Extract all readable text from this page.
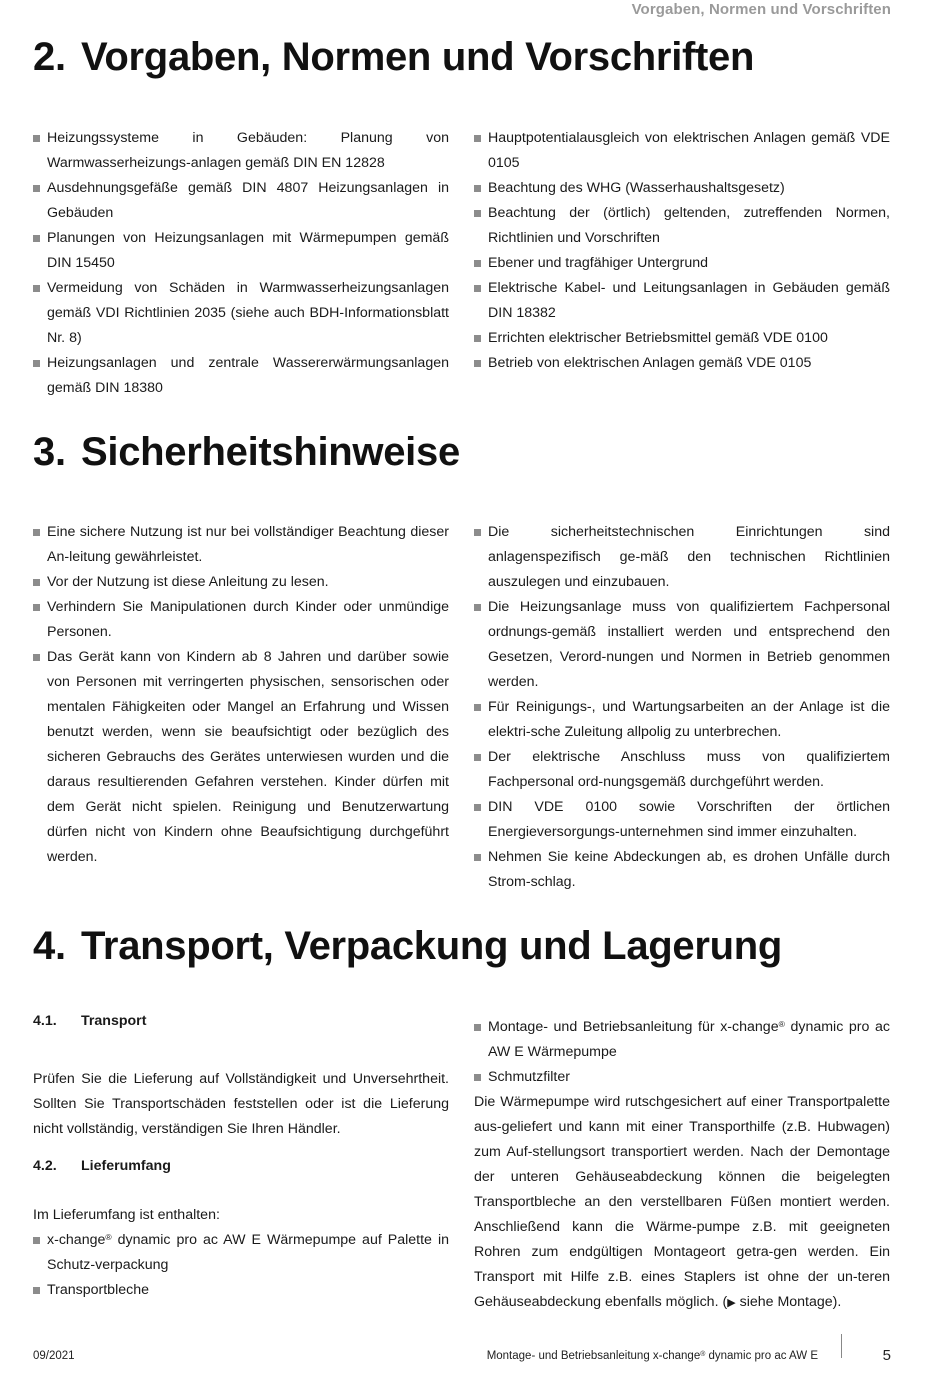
Vorgaben, Normen und Vorschriften
2. Vorgaben, Normen und Vorschriften
Heizungssysteme in Gebäuden: Planung von Warmwasserheizungs-anlagen gemäß DIN EN 12828
Ausdehnungsgefäße gemäß DIN 4807 Heizungsanlagen in Gebäuden
Planungen von Heizungsanlagen mit Wärmepumpen gemäß DIN 15450
Vermeidung von Schäden in Warmwasserheizungsanlagen gemäß VDI Richtlinien 2035 (siehe auch BDH-Informationsblatt Nr. 8)
Heizungsanlagen und zentrale Wassererwärmungsanlagen gemäß DIN 18380
Hauptpotentialausgleich von elektrischen Anlagen gemäß VDE 0105
Beachtung des WHG (Wasserhaushaltsgesetz)
Beachtung der (örtlich) geltenden, zutreffenden Normen, Richtlinien und Vorschriften
Ebener und tragfähiger Untergrund
Elektrische Kabel- und Leitungsanlagen in Gebäuden gemäß DIN 18382
Errichten elektrischer Betriebsmittel gemäß VDE 0100
Betrieb von elektrischen Anlagen gemäß VDE 0105
3. Sicherheitshinweise
Eine sichere Nutzung ist nur bei vollständiger Beachtung dieser An-leitung gewährleistet.
Vor der Nutzung ist diese Anleitung zu lesen.
Verhindern Sie Manipulationen durch Kinder oder unmündige Personen.
Das Gerät kann von Kindern ab 8 Jahren und darüber sowie von Personen mit verringerten physischen, sensorischen oder mentalen Fähigkeiten oder Mangel an Erfahrung und Wissen benutzt werden, wenn sie beaufsichtigt oder bezüglich des sicheren Gebrauchs des Gerätes unterwiesen wurden und die daraus resultierenden Gefahren verstehen. Kinder dürfen mit dem Gerät nicht spielen. Reinigung und Benutzerwartung dürfen nicht von Kindern ohne Beaufsichtigung durchgeführt werden.
Die sicherheitstechnischen Einrichtungen sind anlagenspezifisch ge-mäß den technischen Richtlinien auszulegen und einzubauen.
Die Heizungsanlage muss von qualifiziertem Fachpersonal ordnungs-gemäß installiert werden und entsprechend den Gesetzen, Verord-nungen und Normen in Betrieb genommen werden.
Für Reinigungs-, und Wartungsarbeiten an der Anlage ist die elektri-sche Zuleitung allpolig zu unterbrechen.
Der elektrische Anschluss muss von qualifiziertem Fachpersonal ord-nungsgemäß durchgeführt werden.
DIN VDE 0100 sowie Vorschriften der örtlichen Energieversorgungs-unternehmen sind immer einzuhalten.
Nehmen Sie keine Abdeckungen ab, es drohen Unfälle durch Strom-schlag.
4. Transport, Verpackung und Lagerung
4.1.	Transport

Prüfen Sie die Lieferung auf Vollständigkeit und Unversehrtheit. Sollten Sie Transportschäden feststellen oder ist die Lieferung nicht vollständig, verständigen Sie Ihren Händler.

4.2.	Lieferumfang

Im Lieferumfang ist enthalten:

x-change® dynamic pro ac AW E Wärmepumpe auf Palette in Schutz-verpackung
Transportbleche
Montage- und Betriebsanleitung für x-change® dynamic pro ac AW E Wärmepumpe
Schmutzfilter

Die Wärmepumpe wird rutschgesichert auf einer Transportpalette aus-geliefert und kann mit einer Transporthilfe (z.B. Hubwagen) zum Auf-stellungsort transportiert werden. Nach der Demontage der unteren Gehäuseabdeckung können die beigelegten Transportbleche an den verstellbaren Füßen montiert werden. Anschließend kann die Wärme-pumpe z.B. mit geeigneten Rohren zum endgültigen Montageort getra-gen werden. Ein Transport mit Hilfe z.B. eines Staplers ist ohne der un-teren Gehäuseabdeckung ebenfalls möglich. (▶ siehe Montage).

09/2021	Montage- und Betriebsanleitung x-change® dynamic pro ac AW E	5
